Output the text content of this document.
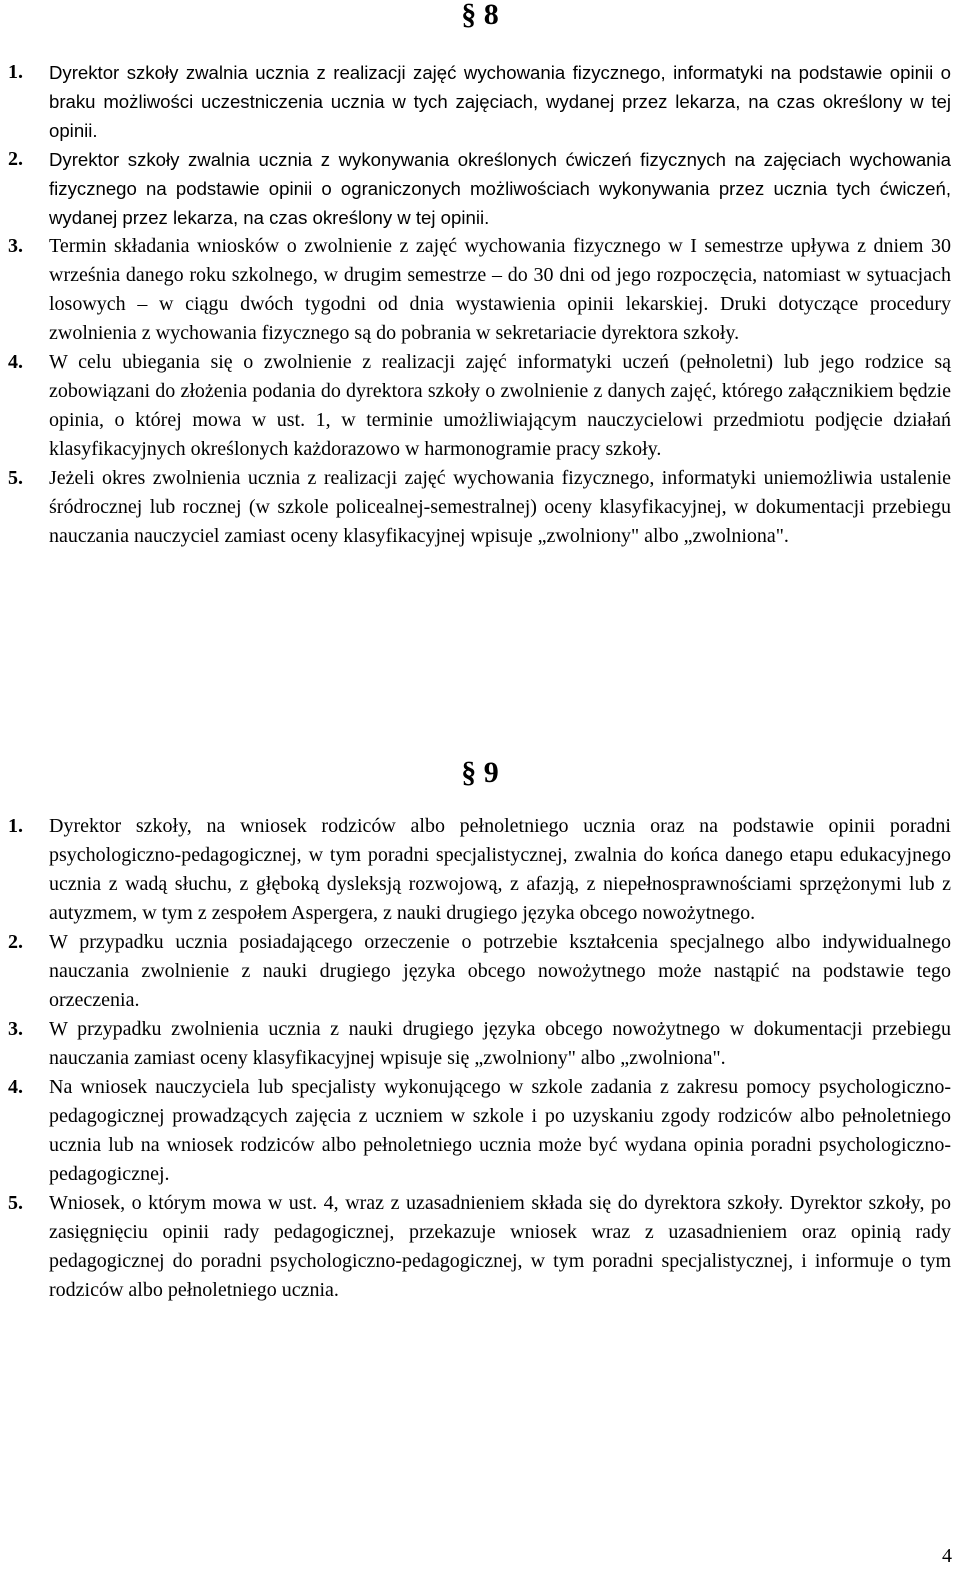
§ 8
1. Dyrektor szkoły zwalnia ucznia z realizacji zajęć wychowania fizycznego, informatyki na podstawie opinii o braku możliwości uczestniczenia ucznia w tych zajęciach, wydanej przez lekarza, na czas określony w tej opinii.

2. Dyrektor szkoły zwalnia ucznia z wykonywania określonych ćwiczeń fizycznych na zajęciach wychowania fizycznego na podstawie opinii o ograniczonych możliwościach wykonywania przez ucznia tych ćwiczeń, wydanej przez lekarza, na czas określony w tej opinii.

3. Termin składania wniosków o zwolnienie z zajęć wychowania fizycznego w I semestrze upływa z dniem 30 września danego roku szkolnego, w drugim semestrze – do 30 dni od jego rozpoczęcia, natomiast w sytuacjach losowych – w ciągu dwóch tygodni od dnia wystawienia opinii lekarskiej. Druki dotyczące procedury zwolnienia z wychowania fizycznego są do pobrania w sekretariacie dyrektora szkoły.

4. W celu ubiegania się o zwolnienie z realizacji zajęć informatyki uczeń (pełnoletni) lub jego rodzice są zobowiązani do złożenia podania do dyrektora szkoły o zwolnienie z danych zajęć, którego załącznikiem będzie opinia, o której mowa w ust. 1, w terminie umożliwiającym nauczycielowi przedmiotu podjęcie działań klasyfikacyjnych określonych każdorazowo w harmonogramie pracy szkoły.

5. Jeżeli okres zwolnienia ucznia z realizacji zajęć wychowania fizycznego, informatyki uniemożliwia ustalenie śródrocznej lub rocznej (w szkole policealnej-semestralnej) oceny klasyfikacyjnej, w dokumentacji przebiegu nauczania nauczyciel zamiast oceny klasyfikacyjnej wpisuje „zwolniony" albo „zwolniona".

§ 9
1. Dyrektor szkoły, na wniosek rodziców albo pełnoletniego ucznia oraz na podstawie opinii poradni psychologiczno-pedagogicznej, w tym poradni specjalistycznej, zwalnia do końca danego etapu edukacyjnego ucznia z wadą słuchu, z głęboką dysleksją rozwojową, z afazją, z niepełnosprawnościami sprzężonymi lub z autyzmem, w tym z zespołem Aspergera, z nauki drugiego języka obcego nowożytnego.

2. W przypadku ucznia posiadającego orzeczenie o potrzebie kształcenia specjalnego albo indywidualnego nauczania zwolnienie z nauki drugiego języka obcego nowożytnego może nastąpić na podstawie tego orzeczenia.

3. W przypadku zwolnienia ucznia z nauki drugiego języka obcego nowożytnego w dokumentacji przebiegu nauczania zamiast oceny klasyfikacyjnej wpisuje się „zwolniony" albo „zwolniona".

4. Na wniosek nauczyciela lub specjalisty wykonującego w szkole zadania z zakresu pomocy psychologiczno-pedagogicznej prowadzących zajęcia z uczniem w szkole i po uzyskaniu zgody rodziców albo pełnoletniego ucznia lub na wniosek rodziców albo pełnoletniego ucznia może być wydana opinia poradni psychologiczno-pedagogicznej.

5. Wniosek, o którym mowa w ust. 4, wraz z uzasadnieniem składa się do dyrektora szkoły. Dyrektor szkoły, po zasięgnięciu opinii rady pedagogicznej, przekazuje wniosek wraz z uzasadnieniem oraz opinią rady pedagogicznej do poradni psychologiczno-pedagogicznej, w tym poradni specjalistycznej, i informuje o tym rodziców albo pełnoletniego ucznia.

4
